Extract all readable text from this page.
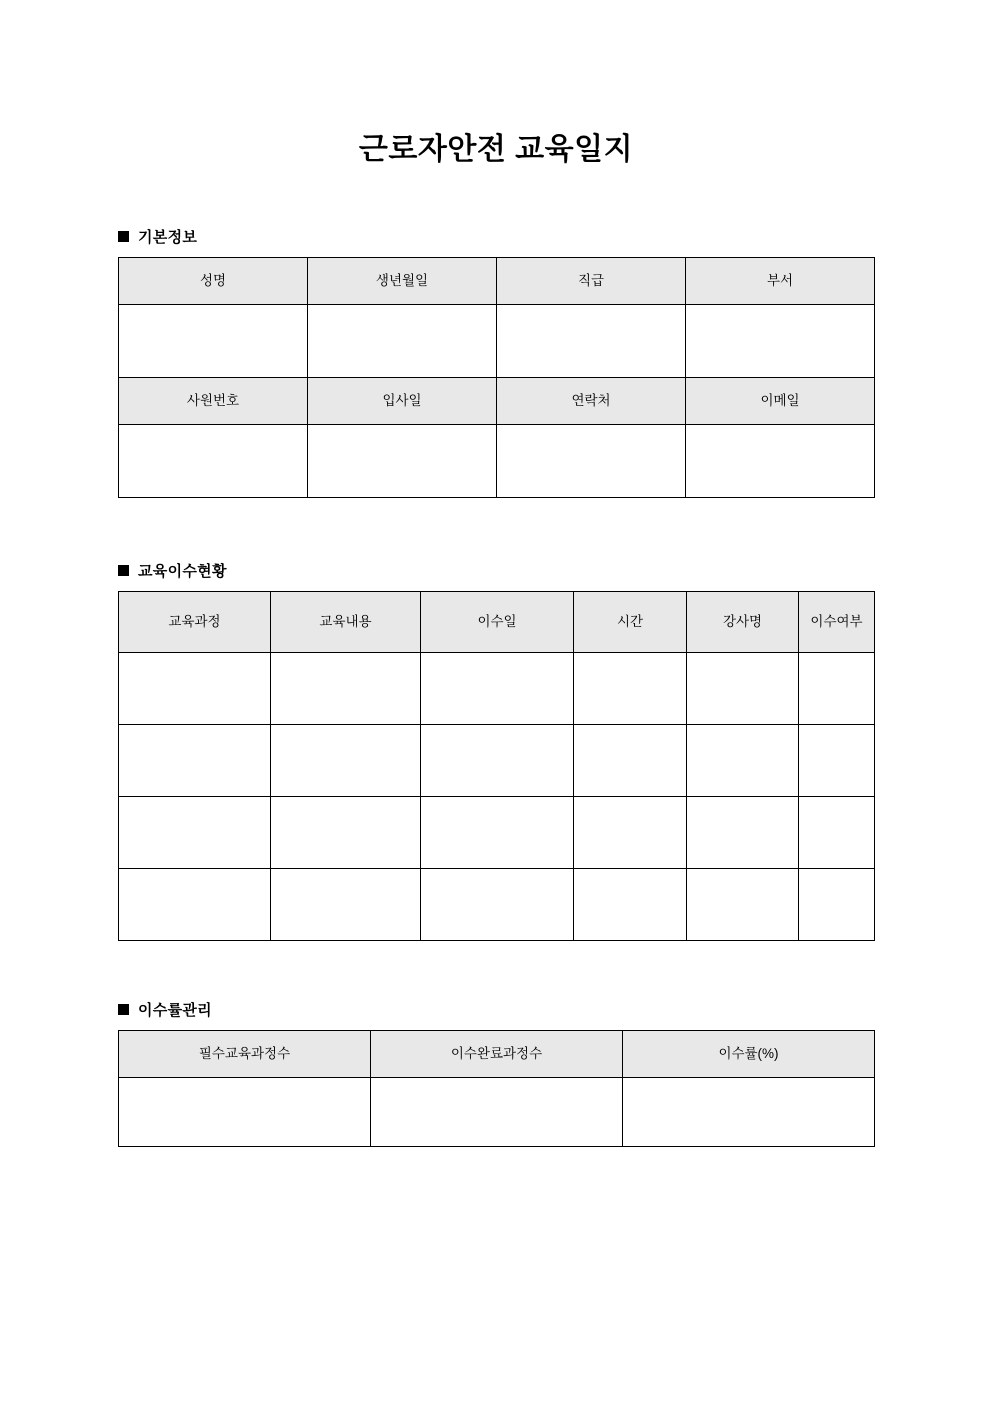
근로자안전 교육일지
기본정보
성명	생년월일	직급	부서

사원번호	입사일	연락처	이메일

교육이수현황
교육과정	교육내용	이수일	시간	강사명	이수여부

이수률관리
필수교육과정수	이수완료과정수	이수률(%)
